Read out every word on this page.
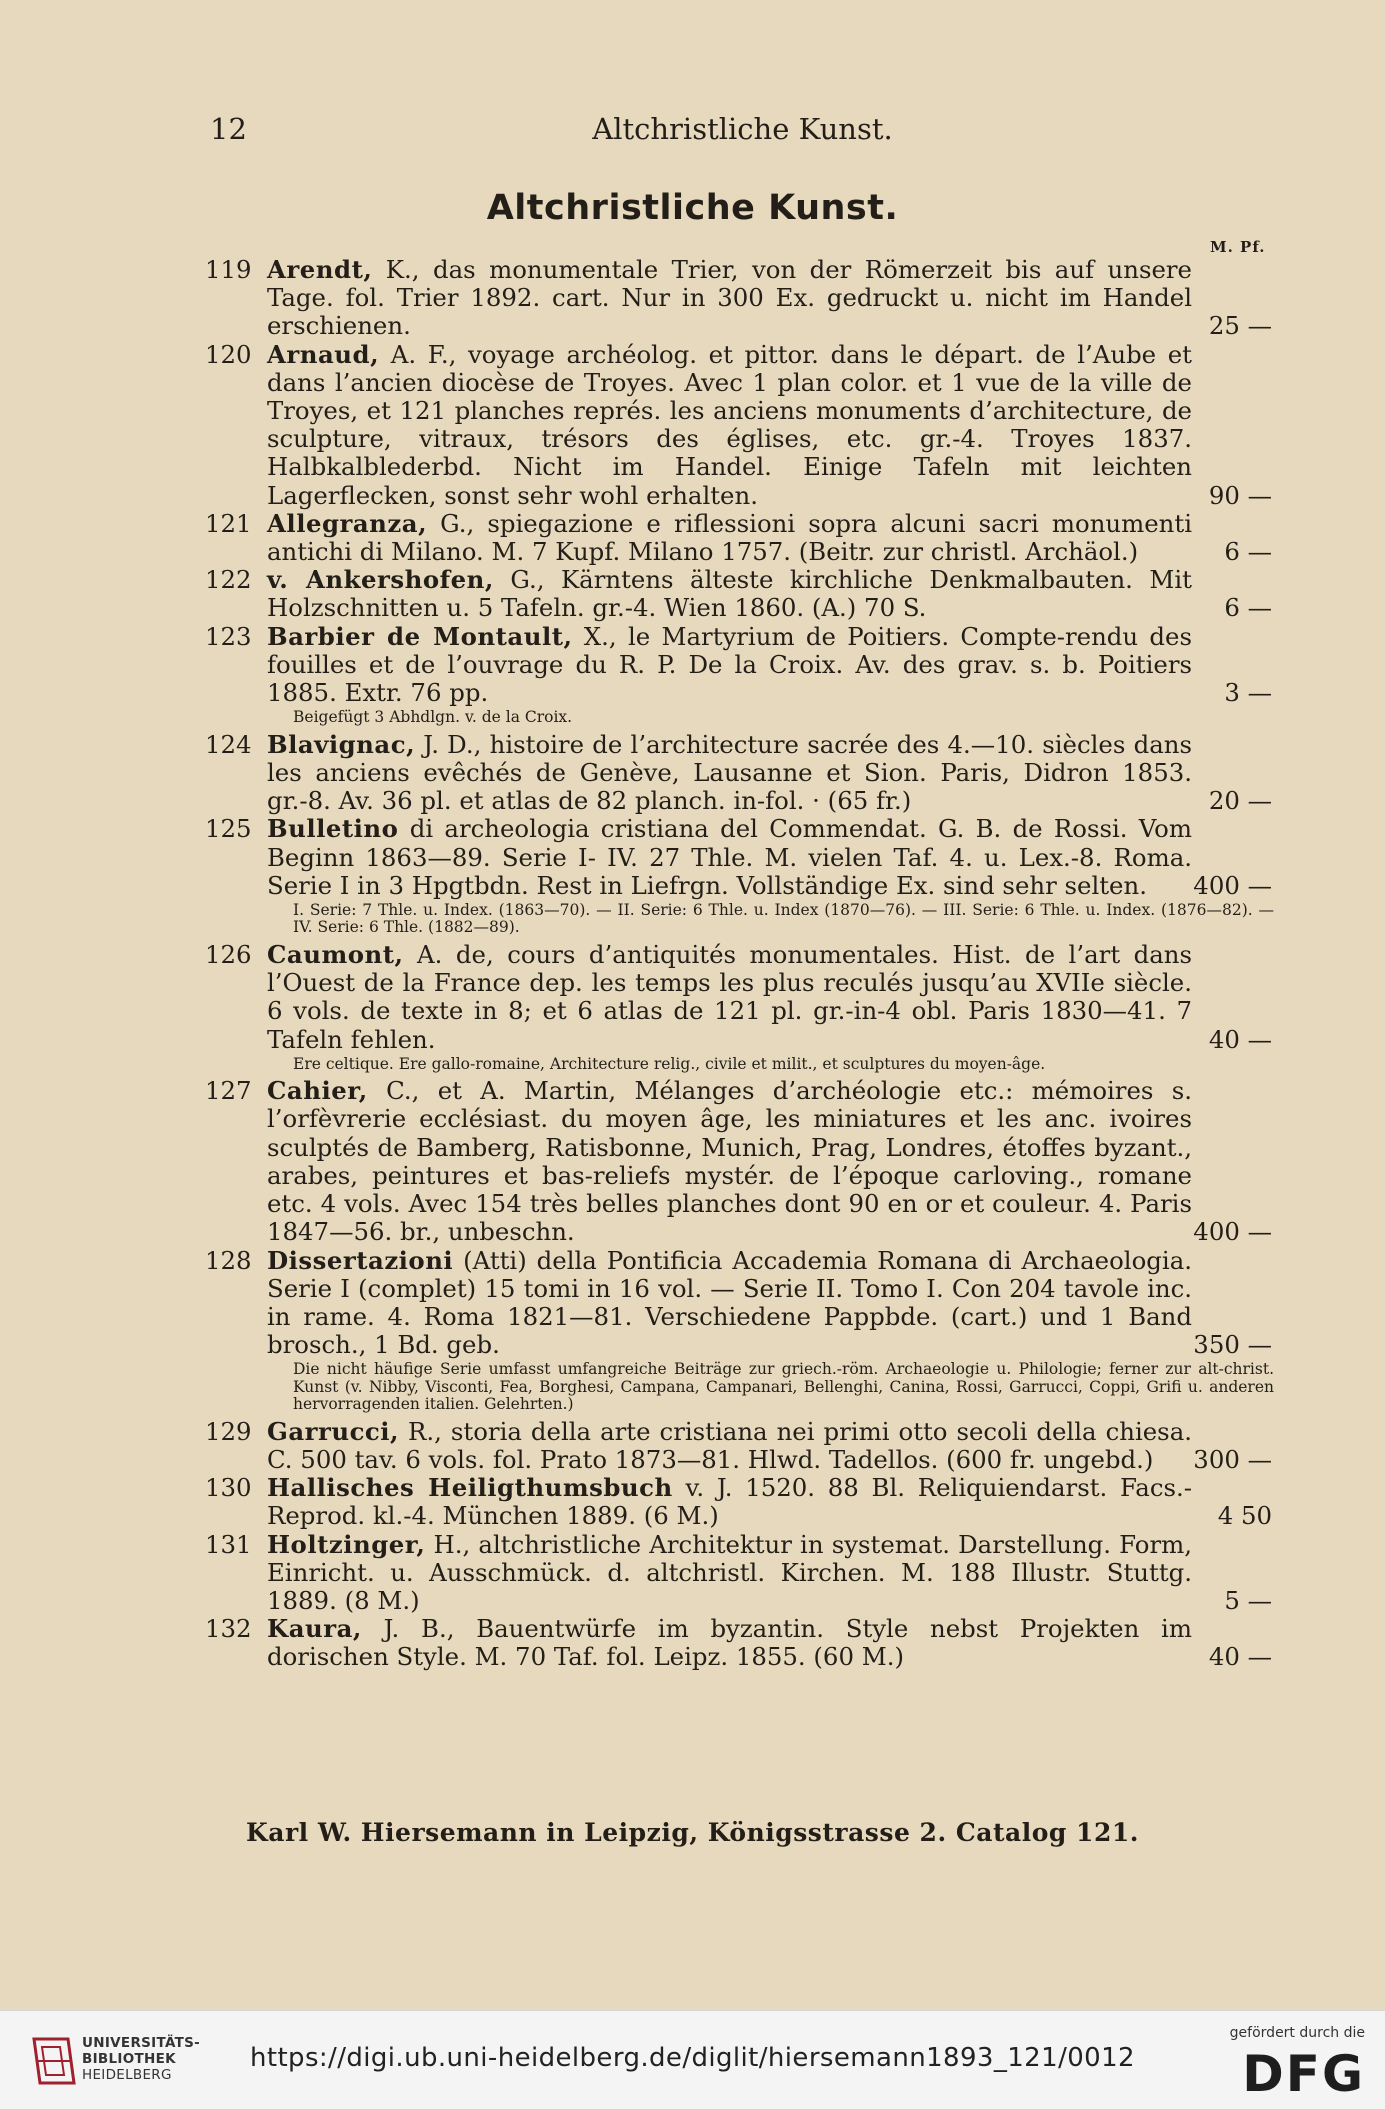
12	Altchristliche Kunst.
Altchristliche Kunst.
M. Pf.
119 Arendt, K., das monumentale Trier, von der Römerzeit bis auf unsere Tage. fol. Trier 1892. cart. Nur in 300 Ex. gedruckt u. nicht im Handel erschienen.	25 —
120 Arnaud, A. F., voyage archéolog. et pittor. dans le départ. de l’Aube et dans l’ancien diocèse de Troyes. Avec 1 plan color. et 1 vue de la ville de Troyes, et 121 planches représ. les anciens monuments d’architecture, de sculpture, vitraux, trésors des églises, etc. gr.-4. Troyes 1837. Halbkalblederbd. Nicht im Handel. Einige Tafeln mit leichten Lagerflecken, sonst sehr wohl erhalten.	90 —
121 Allegranza, G., spiegazione e riflessioni sopra alcuni sacri monumenti antichi di Milano. M. 7 Kupf. Milano 1757. (Beitr. zur christl. Archäol.)	6 —
122 v. Ankershofen, G., Kärntens älteste kirchliche Denkmalbauten. Mit Holzschnitten u. 5 Tafeln. gr.-4. Wien 1860. (A.) 70 S.	6 —
123 Barbier de Montault, X., le Martyrium de Poitiers. Compte-rendu des fouilles et de l’ouvrage du R. P. De la Croix. Av. des grav. s. b. Poitiers 1885. Extr. 76 pp.	3 —
Beigefügt 3 Abhdlgn. v. de la Croix.
124 Blavignac, J. D., histoire de l’architecture sacrée des 4.—10. siècles dans les anciens evêchés de Genève, Lausanne et Sion. Paris, Didron 1853. gr.-8. Av. 36 pl. et atlas de 82 planch. in-fol. · (65 fr.)	20 —
125 Bulletino di archeologia cristiana del Commendat. G. B. de Rossi. Vom Beginn 1863—89. Serie I- IV. 27 Thle. M. vielen Taf. 4. u. Lex.-8. Roma. Serie I in 3 Hpgtbdn. Rest in Liefrgn. Vollständige Ex. sind sehr selten. 400 —
I. Serie: 7 Thle. u. Index. (1863—70). — II. Serie: 6 Thle. u. Index (1870—76). — III. Serie: 6 Thle. u. Index. (1876—82). — IV. Serie: 6 Thle. (1882—89).
126 Caumont, A. de, cours d’antiquités monumentales. Hist. de l’art dans l’Ouest de la France dep. les temps les plus reculés jusqu’au XVIIe siècle. 6 vols. de texte in 8; et 6 atlas de 121 pl. gr.-in-4 obl. Paris 1830—41. 7 Tafeln fehlen.	40 —
Ere celtique. Ere gallo-romaine, Architecture relig., civile et milit., et sculptures du moyen-âge.
127 Cahier, C., et A. Martin, Mélanges d’archéologie etc.: mémoires s. l’orfèvrerie ecclésiast. du moyen âge, les miniatures et les anc. ivoires sculptés de Bamberg, Ratisbonne, Munich, Prag, Londres, étoffes byzant., arabes, peintures et bas-reliefs mystér. de l’époque carloving., romane etc. 4 vols. Avec 154 très belles planches dont 90 en or et couleur. 4. Paris 1847—56. br., unbeschn.	400 —
128 Dissertazioni (Atti) della Pontificia Accademia Romana di Archaeologia. Serie I (complet) 15 tomi in 16 vol. — Serie II. Tomo I. Con 204 tavole inc. in rame. 4. Roma 1821—81. Verschiedene Pappbde. (cart.) und 1 Band brosch., 1 Bd. geb.	350 —
Die nicht häufige Serie umfasst umfangreiche Beiträge zur griech.-röm. Archaeologie u. Philologie; ferner zur alt-christ. Kunst (v. Nibby, Visconti, Fea, Borghesi, Campana, Campanari, Bellenghi, Canina, Rossi, Garrucci, Coppi, Grifi u. anderen hervorragenden italien. Gelehrten.)
129 Garrucci, R., storia della arte cristiana nei primi otto secoli della chiesa. C. 500 tav. 6 vols. fol. Prato 1873—81. Hlwd. Tadellos. (600 fr. ungebd.) 300 —
130 Hallisches Heiligthumsbuch v. J. 1520. 88 Bl. Reliquiendarst. Facs.-Reprod. kl.-4. München 1889. (6 M.)	4 50
131 Holtzinger, H., altchristliche Architektur in systemat. Darstellung. Form, Einricht. u. Ausschmück. d. altchristl. Kirchen. M. 188 Illustr. Stuttg. 1889. (8 M.)	5 —
132 Kaura, J. B., Bauentwürfe im byzantin. Style nebst Projekten im dorischen Style. M. 70 Taf. fol. Leipz. 1855. (60 M.)	40 —
Karl W. Hiersemann in Leipzig, Königsstrasse 2. Catalog 121.
UNIVERSITÄTS-
BIBLIOTHEK
HEIDELBERG
https://digi.ub.uni-heidelberg.de/diglit/hiersemann1893_121/0012
gefördert durch die
DFG
